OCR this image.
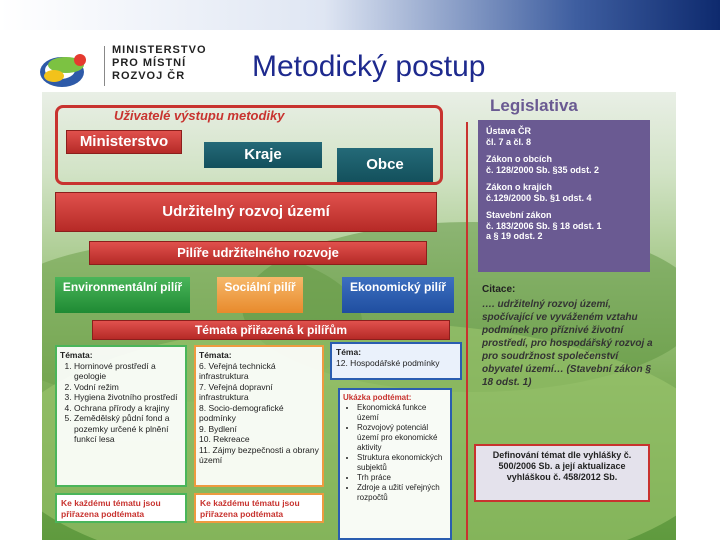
MINISTERSTVO
PRO MÍSTNÍ
ROZVOJ ČR	Metodický postup
Uživatelé výstupu metodiky
Ministerstvo
Kraje
Obce
Udržitelný rozvoj území
Pilíře udržitelného rozvoje
Environmentální pilíř	Sociální pilíř	Ekonomický pilíř
Témata přiřazená k pilířům
Témata:
1. Horninové prostředí a geologie
2. Vodní režim
3. Hygiena životního prostředí
4. Ochrana přírody a krajiny
5. Zemědělský půdní fond a pozemky určené k plnění funkcí lesa
Témata:
6. Veřejná technická infrastruktura
7. Veřejná dopravní infrastruktura
8. Socio-demografické podmínky
9. Bydlení
10. Rekreace
11. Zájmy bezpečnosti a obrany území
Téma:
12. Hospodářské podmínky
Ukázka podtémat:
• Ekonomická funkce území
• Rozvojový potenciál území pro ekonomické aktivity
• Struktura ekonomických subjektů
• Trh práce
• Zdroje a užití veřejných rozpočtů
Ke každému tématu jsou přiřazena podtémata
Ke každému tématu jsou přiřazena podtémata
Legislativa
Ústava ČR
čl. 7 a čl. 8
Zákon o obcích
č. 128/2000 Sb. §35 odst. 2
Zákon o krajích
č.129/2000 Sb. §1 odst. 4
Stavební zákon
č. 183/2006 Sb. § 18 odst. 1
a § 19 odst. 2
Citace:
…. udržitelný rozvoj území, spočívající ve vyváženém vztahu podmínek pro příznivé životní prostředí, pro hospodářský rozvoj a pro soudržnost společenství obyvatel území… (Stavební zákon § 18 odst. 1)
Definování témat dle vyhlášky č. 500/2006 Sb. a její aktualizace vyhláškou č. 458/2012 Sb.
